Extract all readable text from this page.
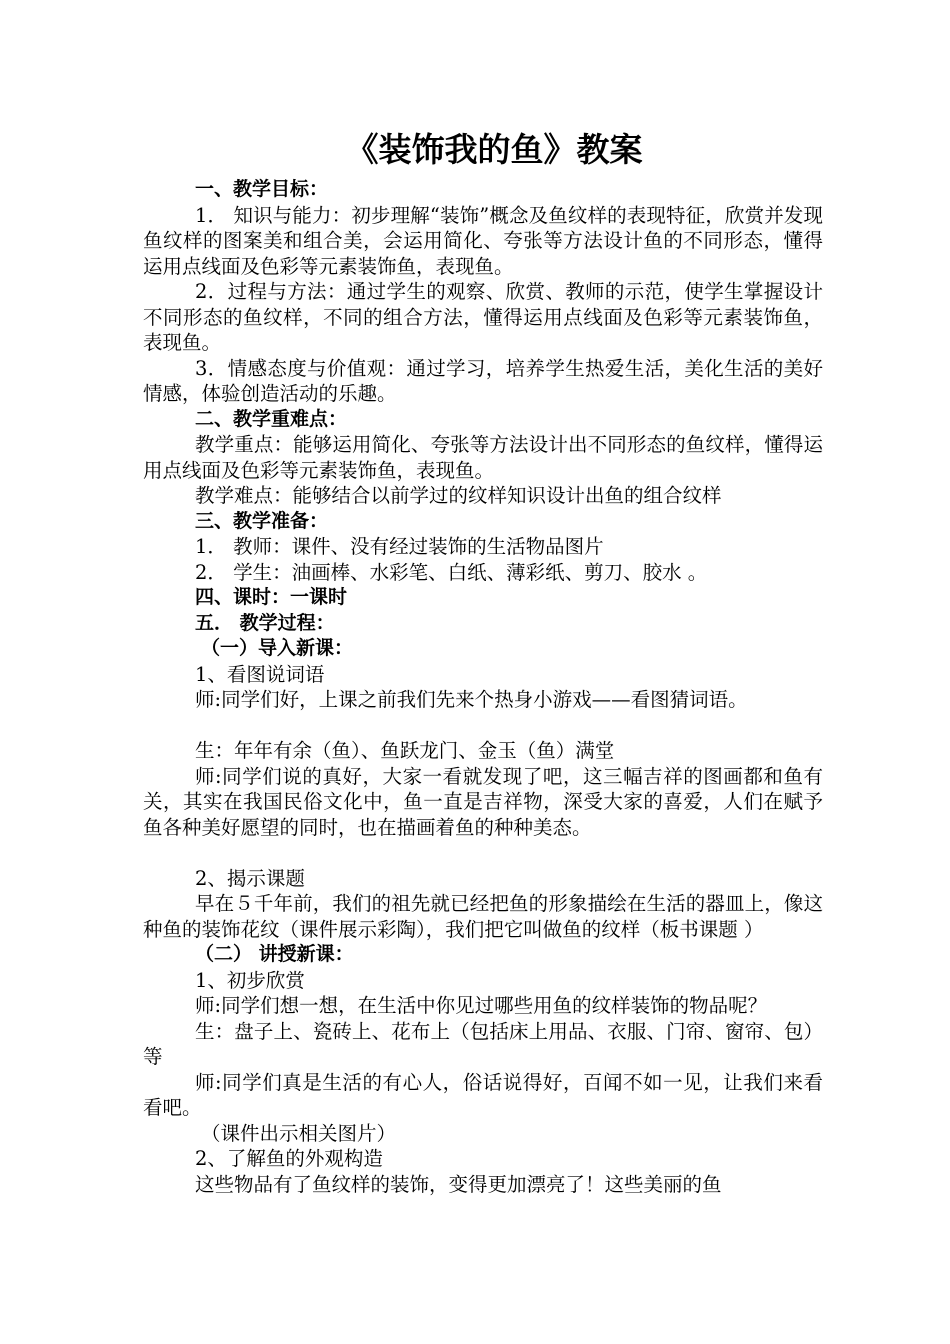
《装饰我的鱼》教案
一、教学目标：
1． 知识与能力：初步理解“装饰”概念及鱼纹样的表现特征，欣赏并发现鱼纹样的图案美和组合美，会运用简化、夸张等方法设计鱼的不同形态，懂得运用点线面及色彩等元素装饰鱼，表现鱼。
2．过程与方法：通过学生的观察、欣赏、教师的示范，使学生掌握设计不同形态的鱼纹样，不同的组合方法，懂得运用点线面及色彩等元素装饰鱼，表现鱼。
3．情感态度与价值观：通过学习，培养学生热爱生活，美化生活的美好情感，体验创造活动的乐趣。
二、教学重难点：
教学重点：能够运用简化、夸张等方法设计出不同形态的鱼纹样，懂得运用点线面及色彩等元素装饰鱼，表现鱼。
教学难点：能够结合以前学过的纹样知识设计出鱼的组合纹样
三、教学准备：
1． 教师：课件、没有经过装饰的生活物品图片
2． 学生：油画棒、水彩笔、白纸、薄彩纸、剪刀、胶水 。
四、课时：一课时
五． 教学过程：
（一）导入新课：
1、看图说词语
师:同学们好，上课之前我们先来个热身小游戏——看图猜词语。
生：年年有余（鱼）、鱼跃龙门、金玉（鱼）满堂
师:同学们说的真好，大家一看就发现了吧，这三幅吉祥的图画都和鱼有关，其实在我国民俗文化中，鱼一直是吉祥物，深受大家的喜爱，人们在赋予鱼各种美好愿望的同时，也在描画着鱼的种种美态。
2、揭示课题
早在５千年前，我们的祖先就已经把鱼的形象描绘在生活的器皿上，像这种鱼的装饰花纹（课件展示彩陶），我们把它叫做鱼的纹样（板书课题 ）
（二） 讲授新课：
1、初步欣赏
师:同学们想一想，在生活中你见过哪些用鱼的纹样装饰的物品呢？
生：盘子上、瓷砖上、花布上（包括床上用品、衣服、门帘、窗帘、包）等
师:同学们真是生活的有心人，俗话说得好，百闻不如一见，让我们来看看吧。
（课件出示相关图片）
2、了解鱼的外观构造
这些物品有了鱼纹样的装饰，变得更加漂亮了！这些美丽的鱼
